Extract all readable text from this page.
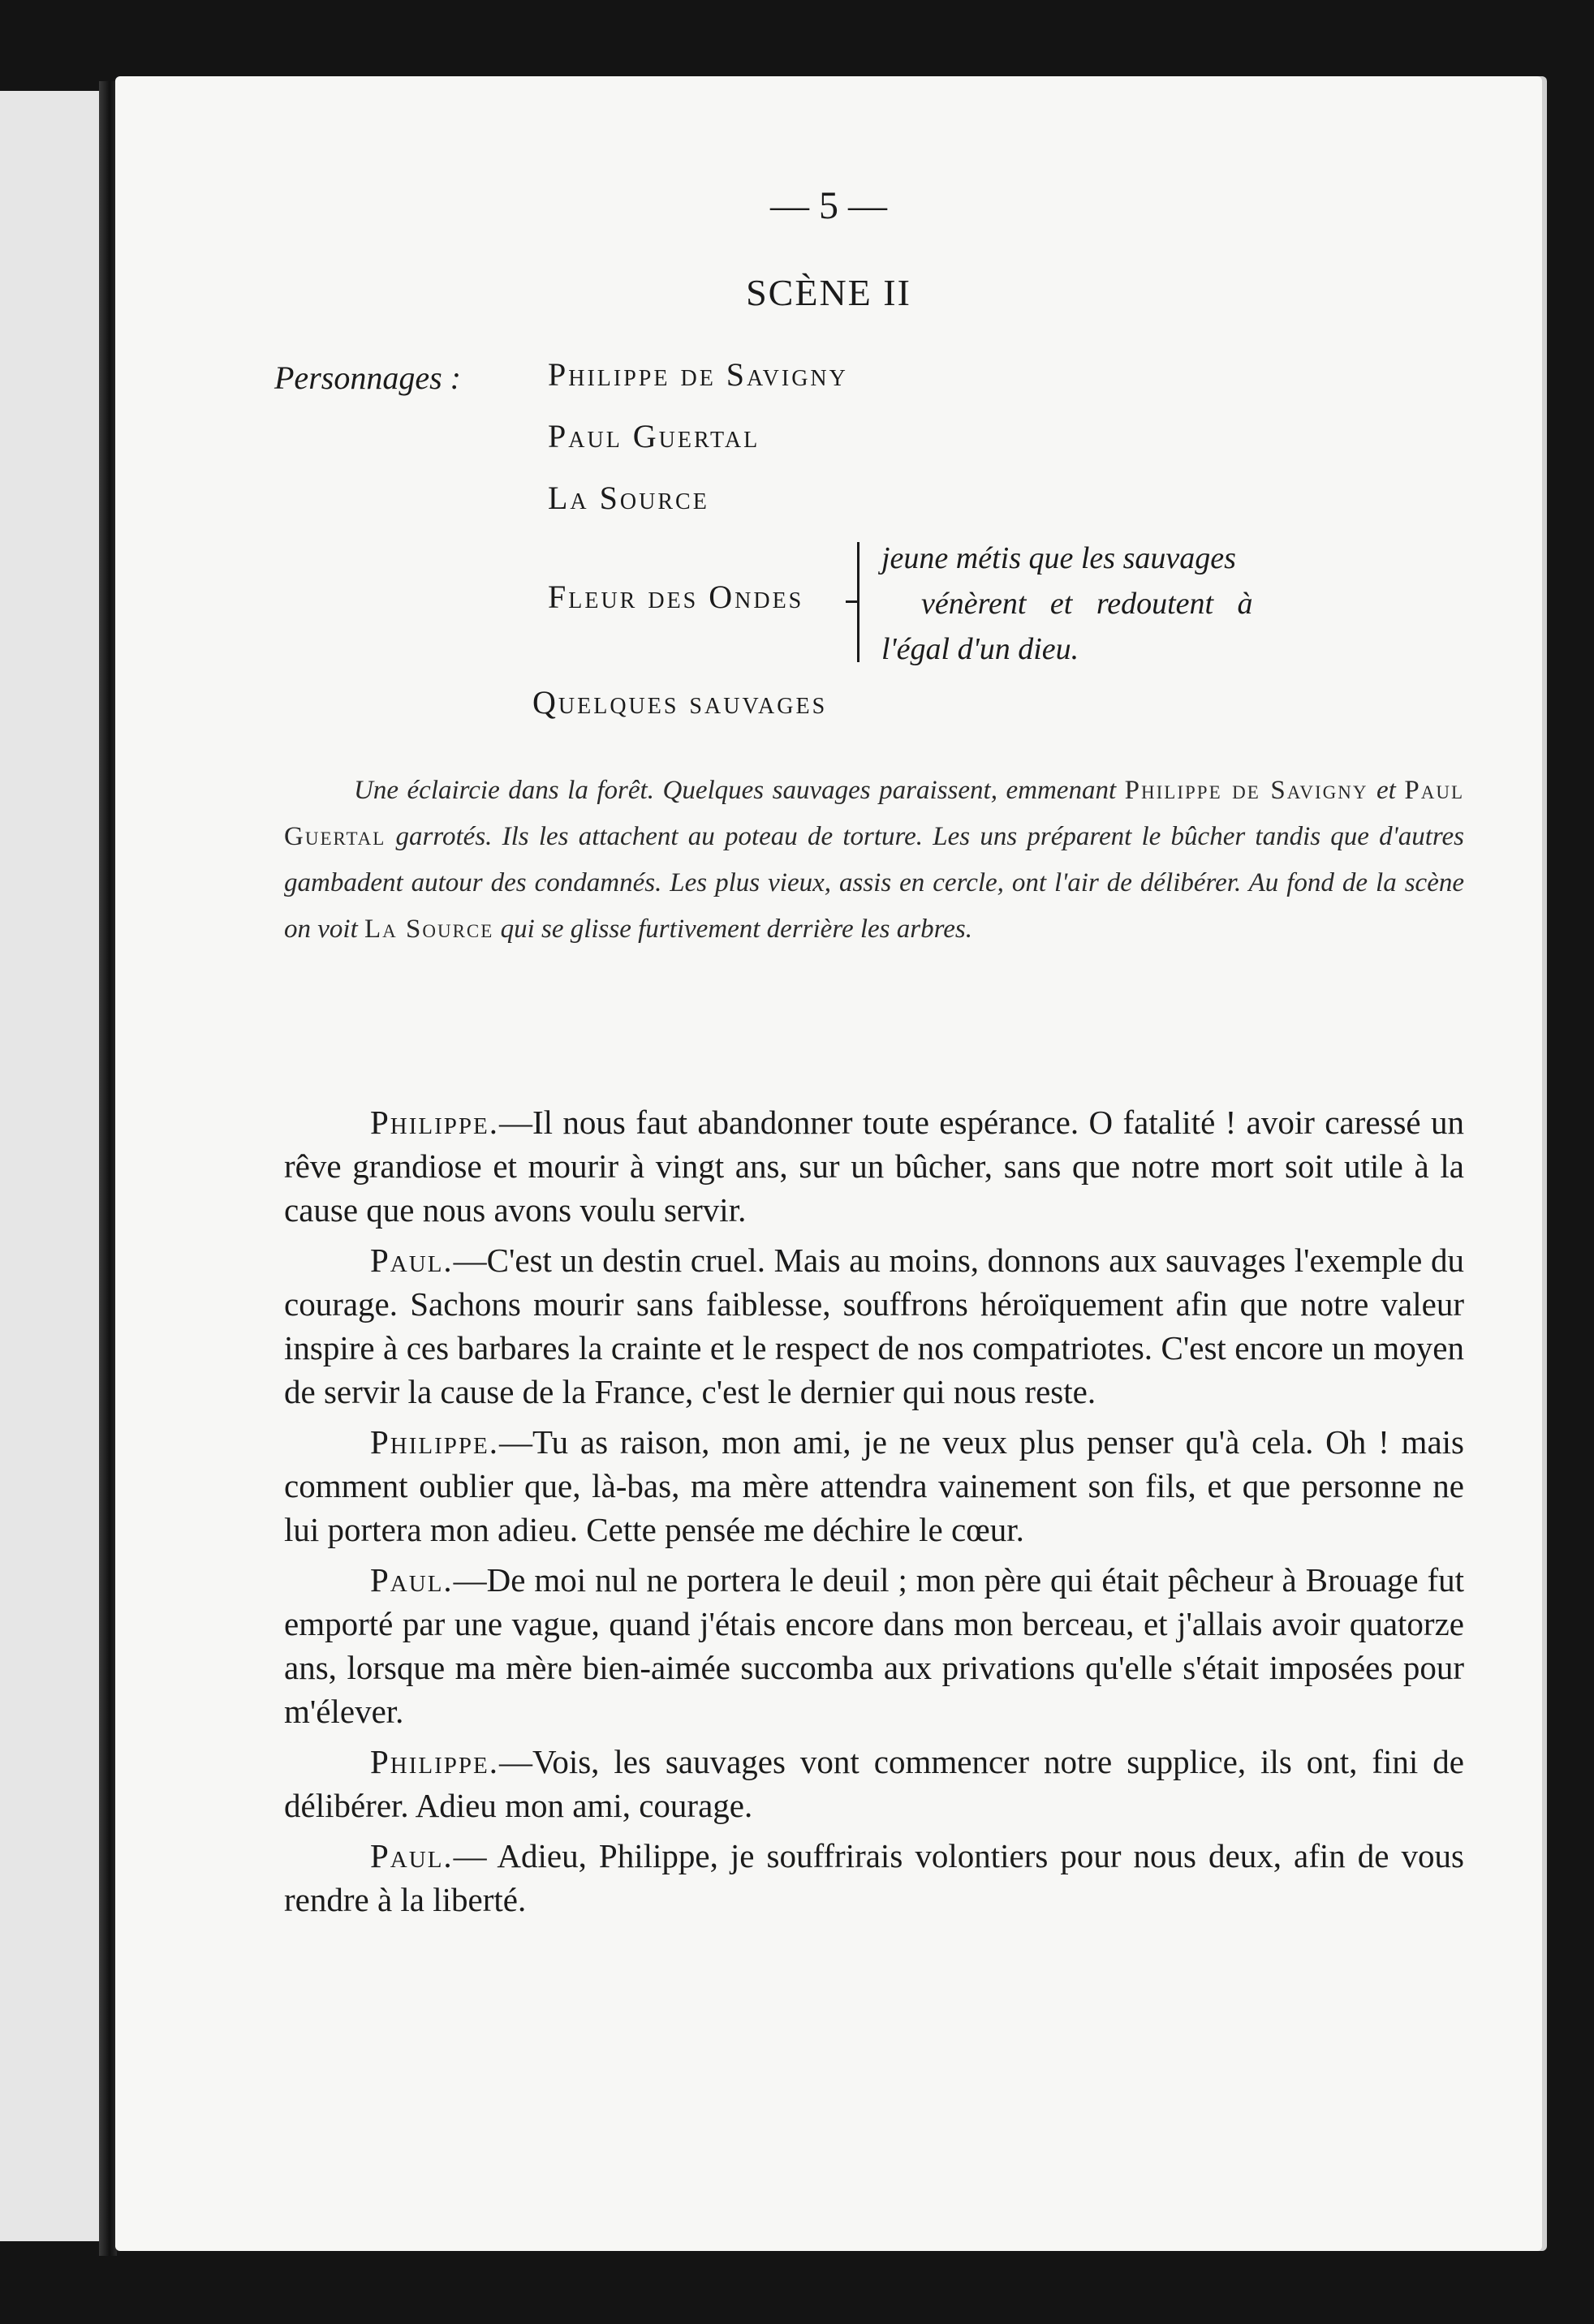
— 5 —
SCÈNE II
Personnages :	Philippe de Savigny
Paul Guertal
La Source
Fleur des Ondes
jeune métis que les sauvages
vénèrent et redoutent à
l'égal d'un dieu.
Quelques sauvages
Une éclaircie dans la forêt. Quelques sauvages paraissent, emmenant Philippe de Savigny et Paul Guertal garrotés. Ils les attachent au poteau de torture. Les uns préparent le bûcher tandis que d'autres gambadent autour des condamnés. Les plus vieux, assis en cercle, ont l'air de délibérer. Au fond de la scène on voit La Source qui se glisse furtivement derrière les arbres.

Philippe.—Il nous faut abandonner toute espérance. O fatalité ! avoir caressé un rêve grandiose et mourir à vingt ans, sur un bûcher, sans que notre mort soit utile à la cause que nous avons voulu servir.

Paul.—C'est un destin cruel. Mais au moins, donnons aux sauvages l'exemple du courage. Sachons mourir sans faiblesse, souffrons héroïquement afin que notre valeur inspire à ces barbares la crainte et le respect de nos compatriotes. C'est encore un moyen de servir la cause de la France, c'est le dernier qui nous reste.

Philippe.—Tu as raison, mon ami, je ne veux plus penser qu'à cela. Oh ! mais comment oublier que, là-bas, ma mère attendra vainement son fils, et que personne ne lui portera mon adieu. Cette pensée me déchire le cœur.

Paul.—De moi nul ne portera le deuil ; mon père qui était pêcheur à Brouage fut emporté par une vague, quand j'étais encore dans mon berceau, et j'allais avoir quatorze ans, lorsque ma mère bien-aimée succomba aux privations qu'elle s'était imposées pour m'élever.

Philippe.—Vois, les sauvages vont commencer notre supplice, ils ont, fini de délibérer. Adieu mon ami, courage.

Paul.— Adieu, Philippe, je souffrirais volontiers pour nous deux, afin de vous rendre à la liberté.
